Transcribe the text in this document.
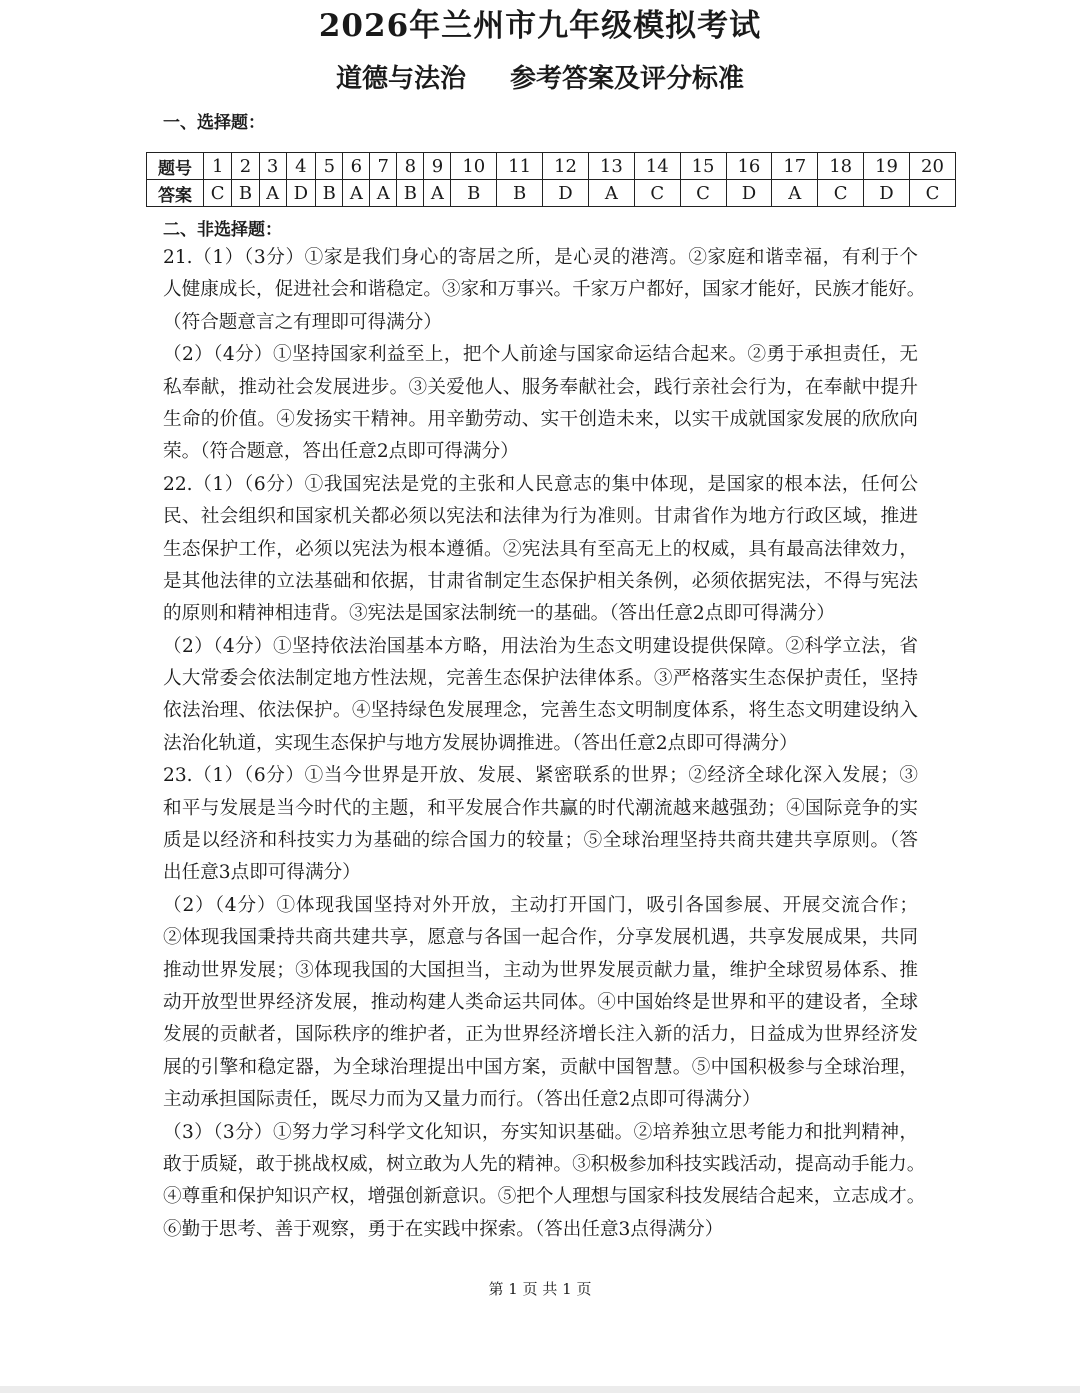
2026年兰州市九年级模拟考试
道德与法治 参考答案及评分标准
一、选择题：
题号	1	2	3	4	5	6	7	8	9	10	11	12	13	14	15	16	17	18	19	20
答案	C	B	A	D	B	A	A	B	A	B	B	D	A	C	C	D	A	C	D	C
二、非选择题：
21.（1）（3分）①家是我们身心的寄居之所，是心灵的港湾。②家庭和谐幸福，有利于个
人健康成长，促进社会和谐稳定。③家和万事兴。千家万户都好，国家才能好，民族才能好。
（符合题意言之有理即可得满分）
（2）（4分）①坚持国家利益至上，把个人前途与国家命运结合起来。②勇于承担责任，无
私奉献，推动社会发展进步。③关爱他人、服务奉献社会，践行亲社会行为，在奉献中提升
生命的价值。④发扬实干精神。用辛勤劳动、实干创造未来，以实干成就国家发展的欣欣向
荣。（符合题意，答出任意2点即可得满分）
22.（1）（6分）①我国宪法是党的主张和人民意志的集中体现，是国家的根本法，任何公
民、社会组织和国家机关都必须以宪法和法律为行为准则。甘肃省作为地方行政区域，推进
生态保护工作，必须以宪法为根本遵循。②宪法具有至高无上的权威，具有最高法律效力，
是其他法律的立法基础和依据，甘肃省制定生态保护相关条例，必须依据宪法，不得与宪法
的原则和精神相违背。③宪法是国家法制统一的基础。（答出任意2点即可得满分）
（2）（4分）①坚持依法治国基本方略，用法治为生态文明建设提供保障。②科学立法，省
人大常委会依法制定地方性法规，完善生态保护法律体系。③严格落实生态保护责任，坚持
依法治理、依法保护。④坚持绿色发展理念，完善生态文明制度体系，将生态文明建设纳入
法治化轨道，实现生态保护与地方发展协调推进。（答出任意2点即可得满分）
23.（1）（6分）①当今世界是开放、发展、紧密联系的世界；②经济全球化深入发展；③
和平与发展是当今时代的主题，和平发展合作共赢的时代潮流越来越强劲；④国际竞争的实
质是以经济和科技实力为基础的综合国力的较量；⑤全球治理坚持共商共建共享原则。（答
出任意3点即可得满分）
（2）（4分）①体现我国坚持对外开放，主动打开国门，吸引各国参展、开展交流合作；
②体现我国秉持共商共建共享，愿意与各国一起合作，分享发展机遇，共享发展成果，共同
推动世界发展；③体现我国的大国担当，主动为世界发展贡献力量，维护全球贸易体系、推
动开放型世界经济发展，推动构建人类命运共同体。④中国始终是世界和平的建设者，全球
发展的贡献者，国际秩序的维护者，正为世界经济增长注入新的活力，日益成为世界经济发
展的引擎和稳定器，为全球治理提出中国方案，贡献中国智慧。⑤中国积极参与全球治理，
主动承担国际责任，既尽力而为又量力而行。（答出任意2点即可得满分）
（3）（3分）①努力学习科学文化知识，夯实知识基础。②培养独立思考能力和批判精神，
敢于质疑，敢于挑战权威，树立敢为人先的精神。③积极参加科技实践活动，提高动手能力。
④尊重和保护知识产权，增强创新意识。⑤把个人理想与国家科技发展结合起来，立志成才。
⑥勤于思考、善于观察，勇于在实践中探索。（答出任意3点得满分）
第 1 页 共 1 页
